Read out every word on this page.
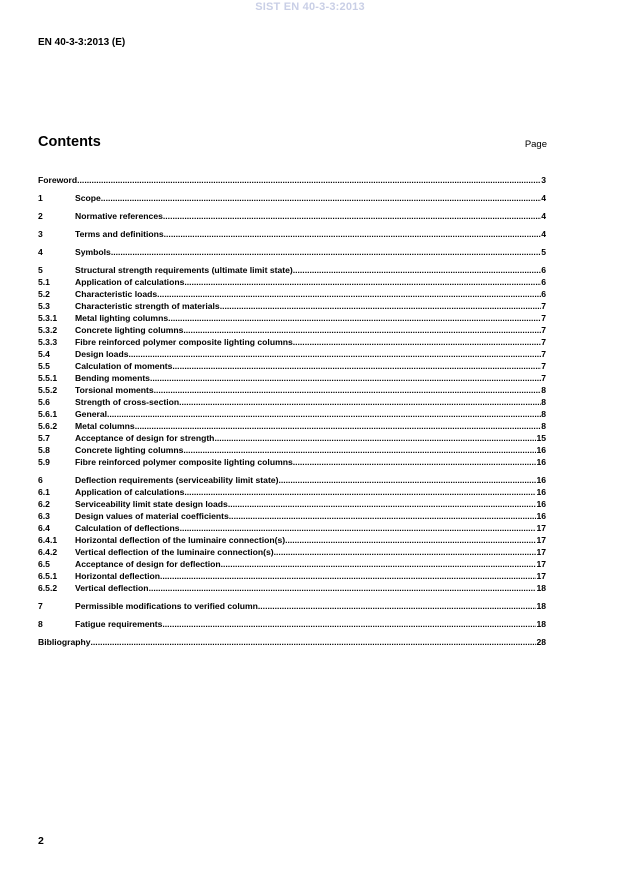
SIST EN 40-3-3:2013
EN 40-3-3:2013 (E)
Contents	Page
Foreword .....	3
1	Scope .....	4
2	Normative references .....	4
3	Terms and definitions .....	4
4	Symbols .....	5
5	Structural strength requirements (ultimate limit state) .....	6
5.1	Application of calculations .....	6
5.2	Characteristic loads .....	6
5.3	Characteristic strength of materials .....	7
5.3.1	Metal lighting columns .....	7
5.3.2	Concrete lighting columns .....	7
5.3.3	Fibre reinforced polymer composite lighting columns .....	7
5.4	Design loads .....	7
5.5	Calculation of moments .....	7
5.5.1	Bending moments .....	7
5.5.2	Torsional moments .....	8
5.6	Strength of cross-section .....	8
5.6.1	General .....	8
5.6.2	Metal columns .....	8
5.7	Acceptance of design for strength .....	15
5.8	Concrete lighting columns .....	16
5.9	Fibre reinforced polymer composite lighting columns .....	16
6	Deflection requirements (serviceability limit state) .....	16
6.1	Application of calculations .....	16
6.2	Serviceability limit state design loads .....	16
6.3	Design values of material coefficients .....	16
6.4	Calculation of deflections .....	17
6.4.1	Horizontal deflection of the luminaire connection(s) .....	17
6.4.2	Vertical deflection of the luminaire connection(s) .....	17
6.5	Acceptance of design for deflection .....	17
6.5.1	Horizontal deflection .....	17
6.5.2	Vertical deflection .....	18
7	Permissible modifications to verified column .....	18
8	Fatigue requirements .....	18
Bibliography .....	28
2
